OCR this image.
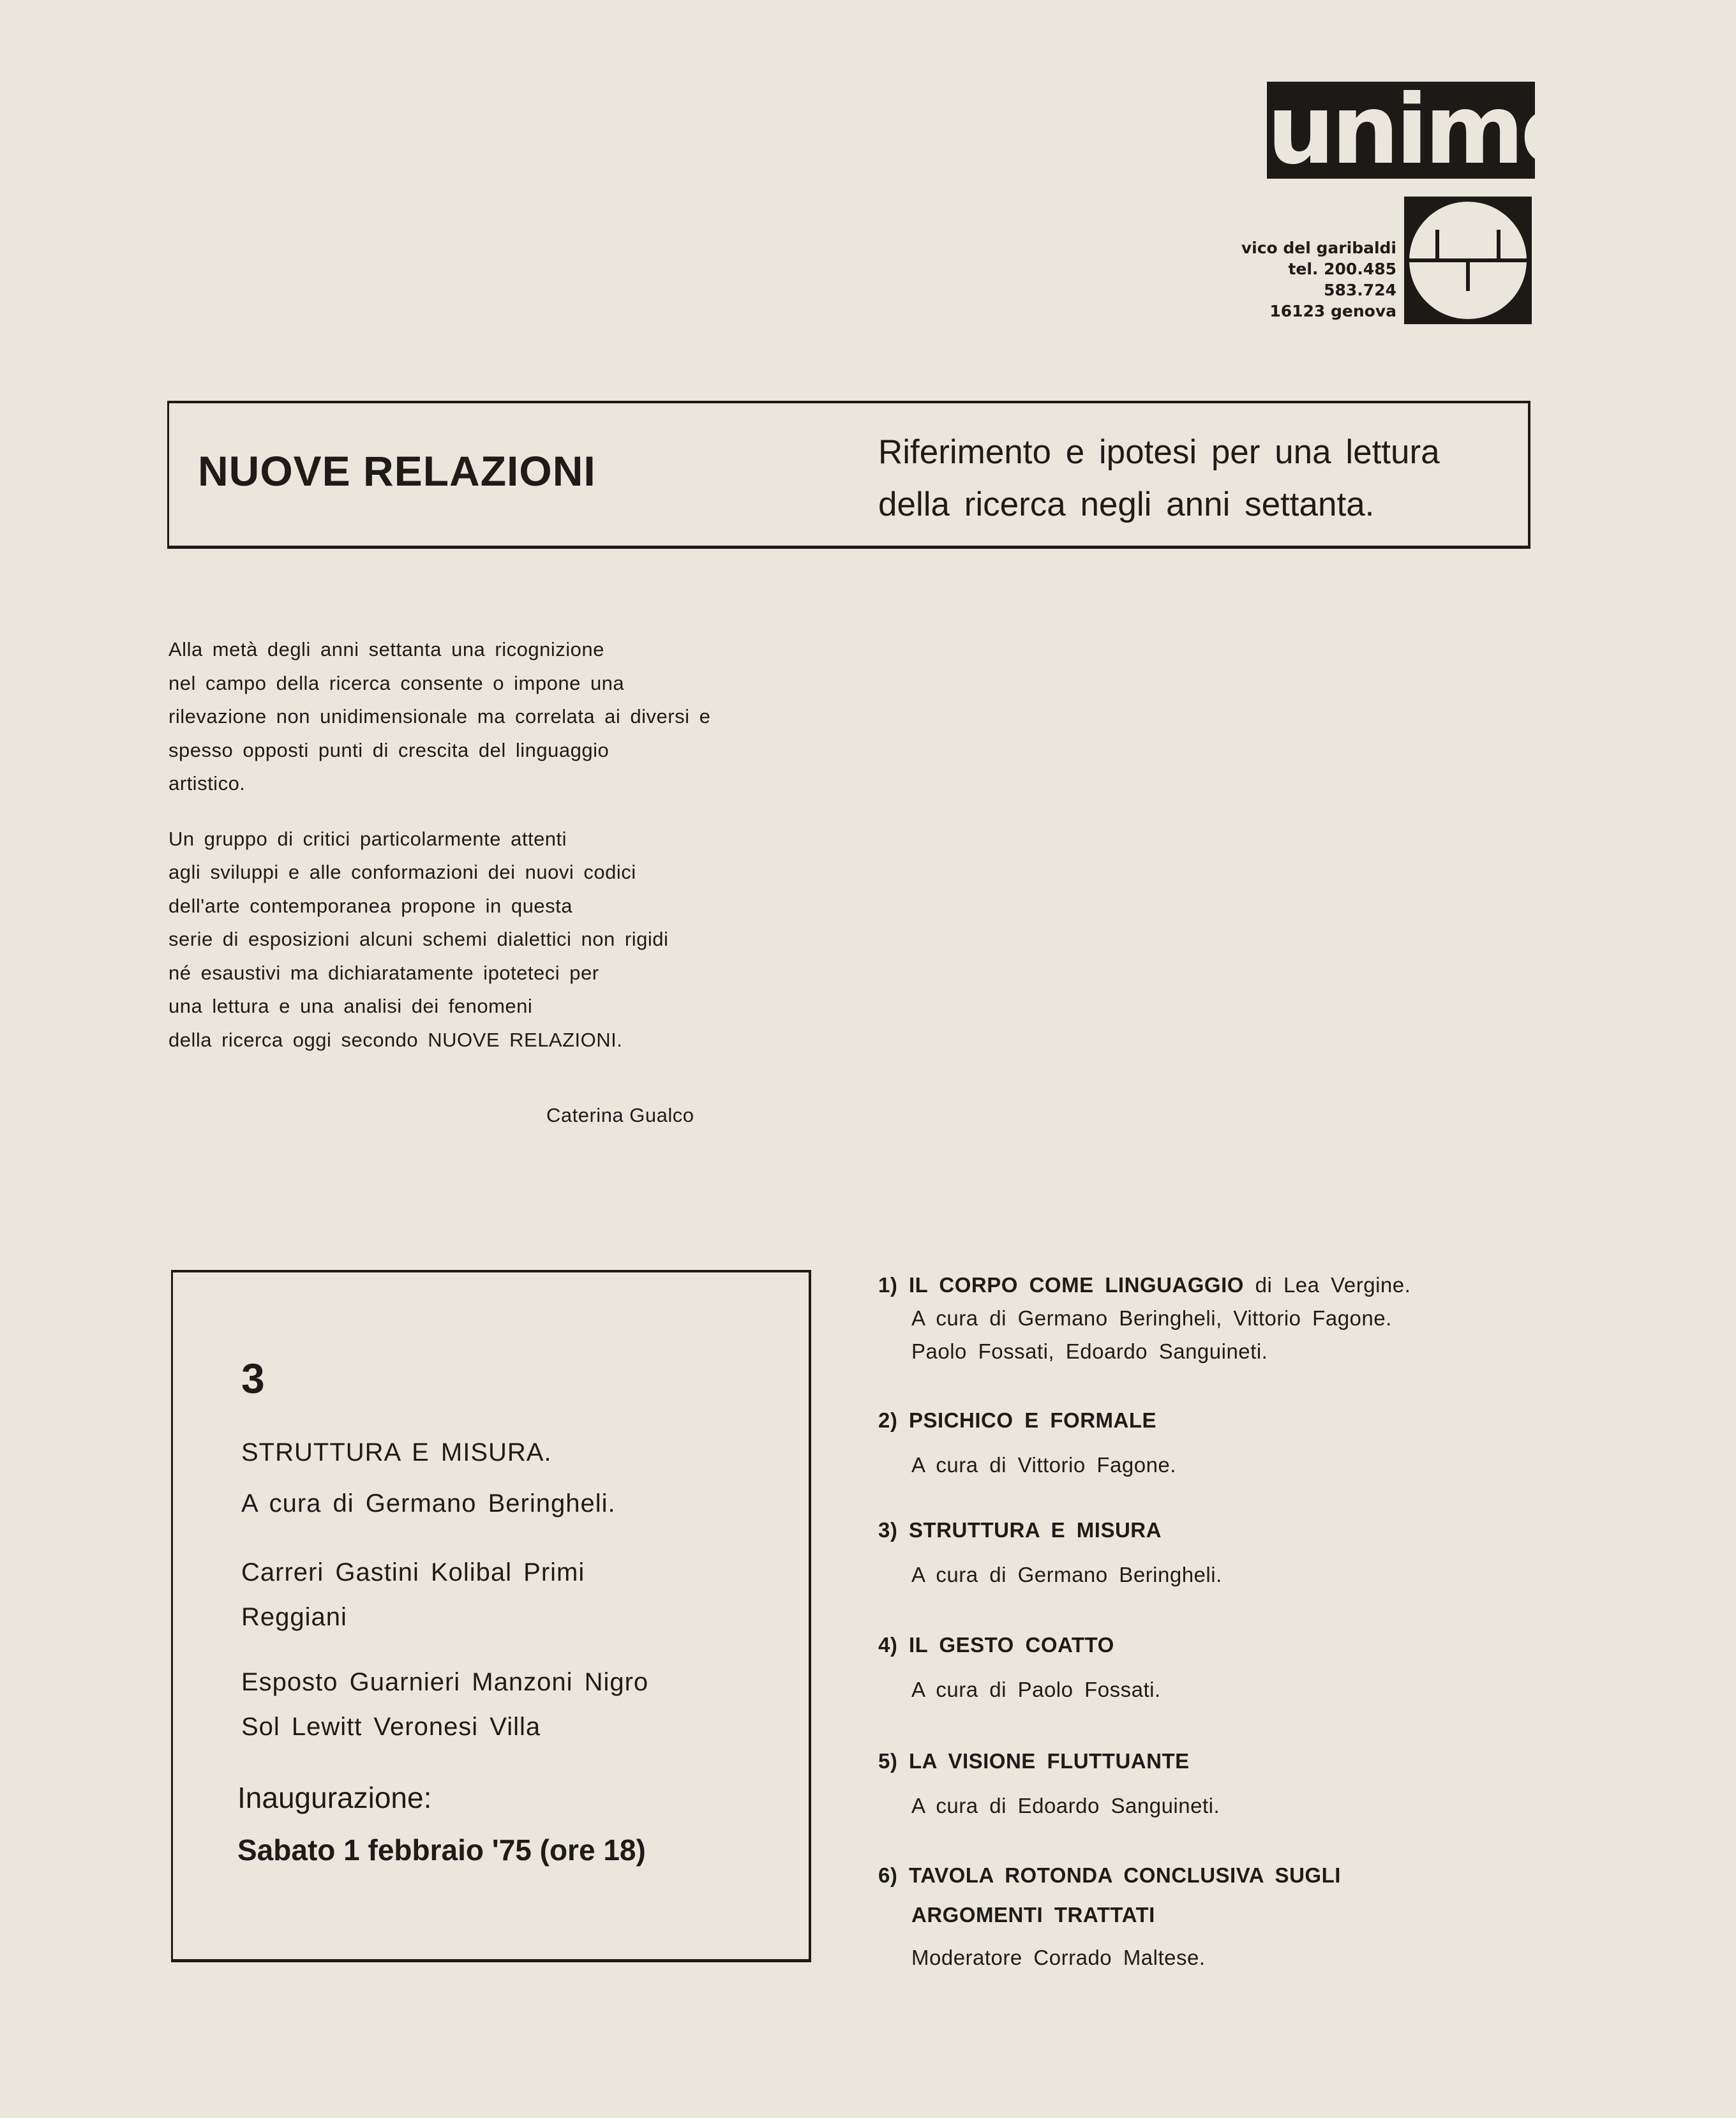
unimedia
vico del garibaldi
tel. 200.485
583.724
16123 genova
NUOVE RELAZIONI	Riferimento e ipotesi per una lettura
della ricerca negli anni settanta.

Alla metà degli anni settanta una ricognizione
nel campo della ricerca consente o impone una
rilevazione non unidimensionale ma correlata ai diversi e
spesso opposti punti di crescita del linguaggio
artistico.

Un gruppo di critici particolarmente attenti
agli sviluppi e alle conformazioni dei nuovi codici
dell'arte contemporanea propone in questa
serie di esposizioni alcuni schemi dialettici non rigidi
né esaustivi ma dichiaratamente ipoteteci per
una lettura e una analisi dei fenomeni
della ricerca oggi secondo NUOVE RELAZIONI.

Caterina Gualco
3
STRUTTURA E MISURA.
A cura di Germano Beringheli.
Carreri Gastini Kolibal Primi
Reggiani
Esposto Guarnieri Manzoni Nigro
Sol Lewitt Veronesi Villa
Inaugurazione:
Sabato 1 febbraio '75 (ore 18)
1) IL CORPO COME LINGUAGGIO di Lea Vergine.
A cura di Germano Beringheli, Vittorio Fagone.
Paolo Fossati, Edoardo Sanguineti.
2) PSICHICO E FORMALE
A cura di Vittorio Fagone.
3) STRUTTURA E MISURA
A cura di Germano Beringheli.
4) IL GESTO COATTO
A cura di Paolo Fossati.
5) LA VISIONE FLUTTUANTE
A cura di Edoardo Sanguineti.
6) TAVOLA ROTONDA CONCLUSIVA SUGLI
ARGOMENTI TRATTATI
Moderatore Corrado Maltese.
